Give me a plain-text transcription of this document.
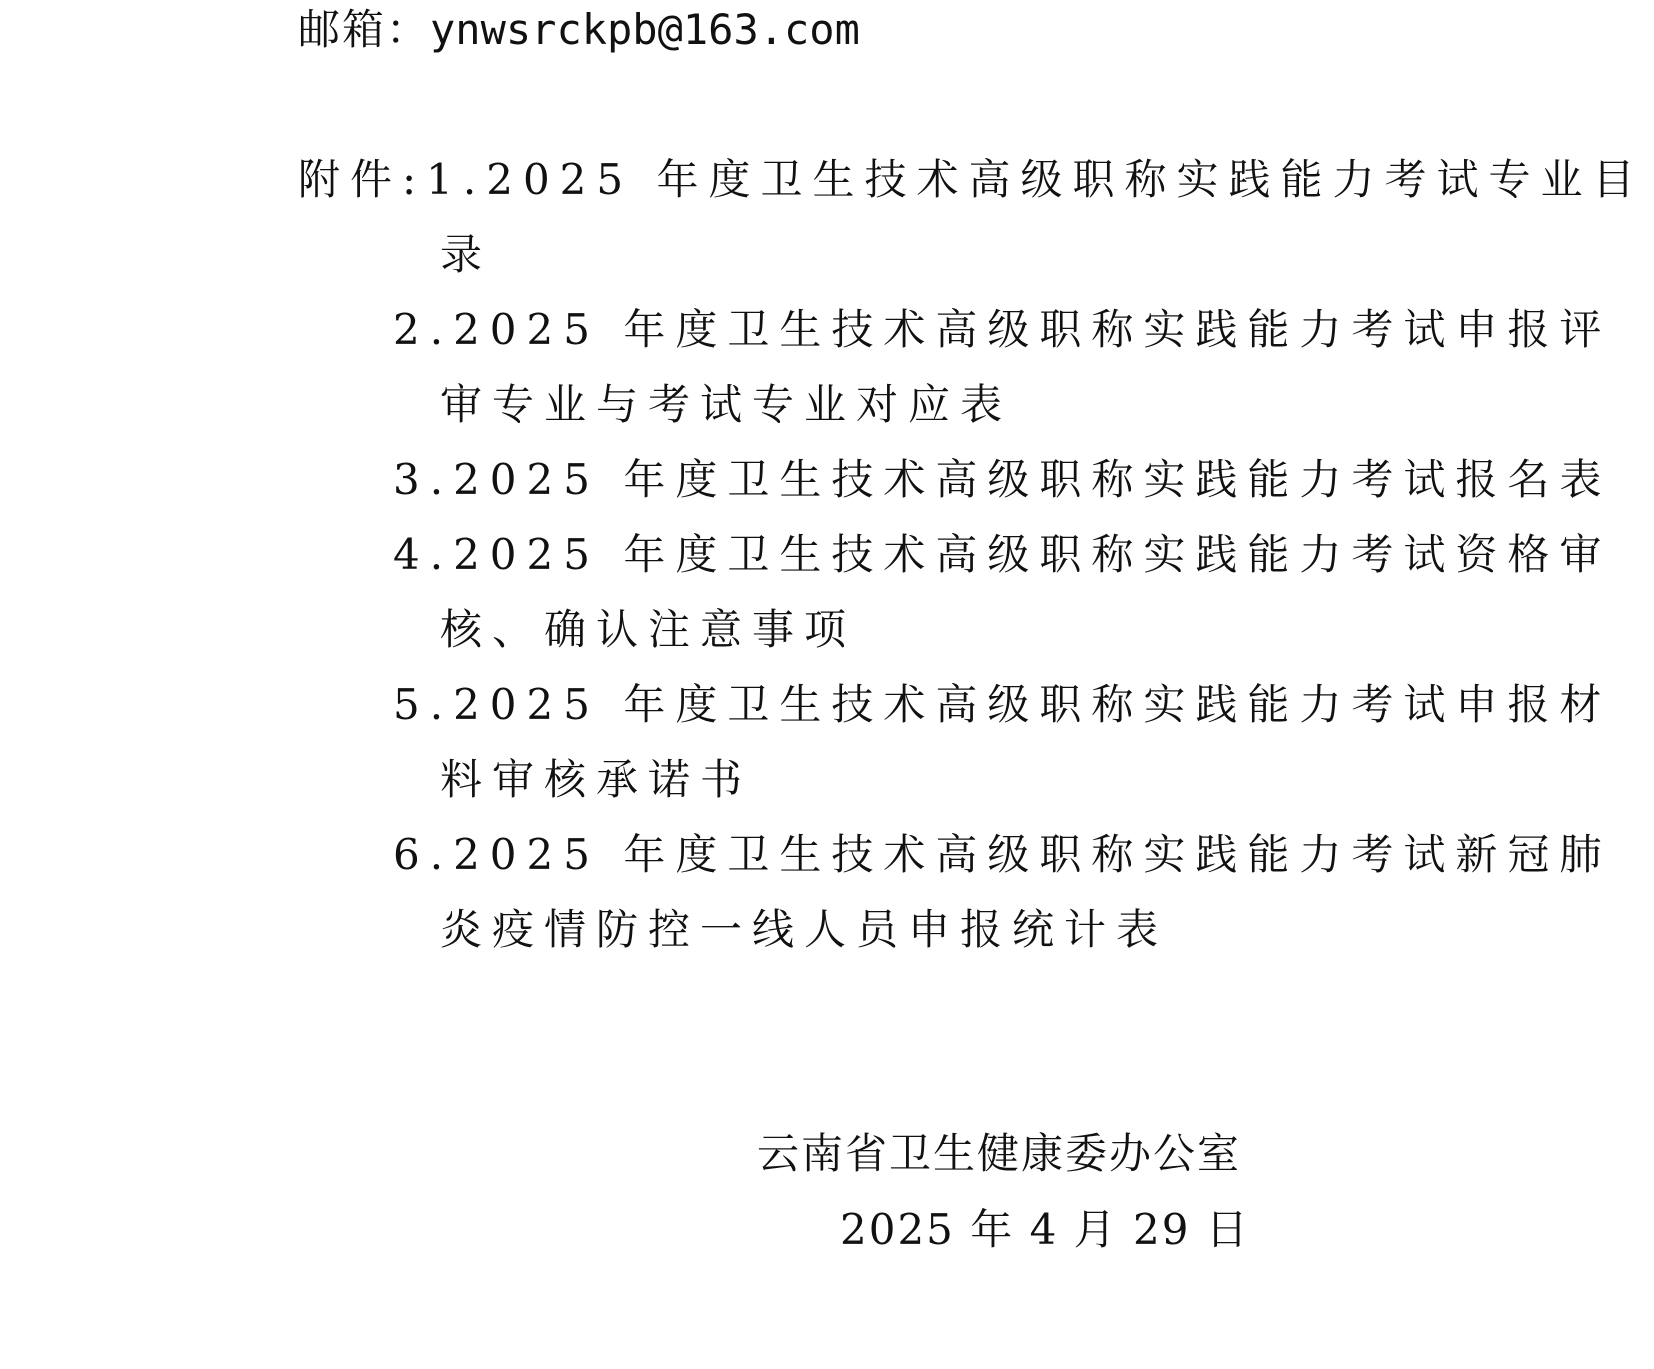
邮箱：ynwsrckpb@163.com
附件:1.2025 年度卫生技术高级职称实践能力考试专业目
录
2.2025 年度卫生技术高级职称实践能力考试申报评
审专业与考试专业对应表
3.2025 年度卫生技术高级职称实践能力考试报名表
4.2025 年度卫生技术高级职称实践能力考试资格审
核、确认注意事项
5.2025 年度卫生技术高级职称实践能力考试申报材
料审核承诺书
6.2025 年度卫生技术高级职称实践能力考试新冠肺
炎疫情防控一线人员申报统计表
云南省卫生健康委办公室
2025 年 4 月 29 日
